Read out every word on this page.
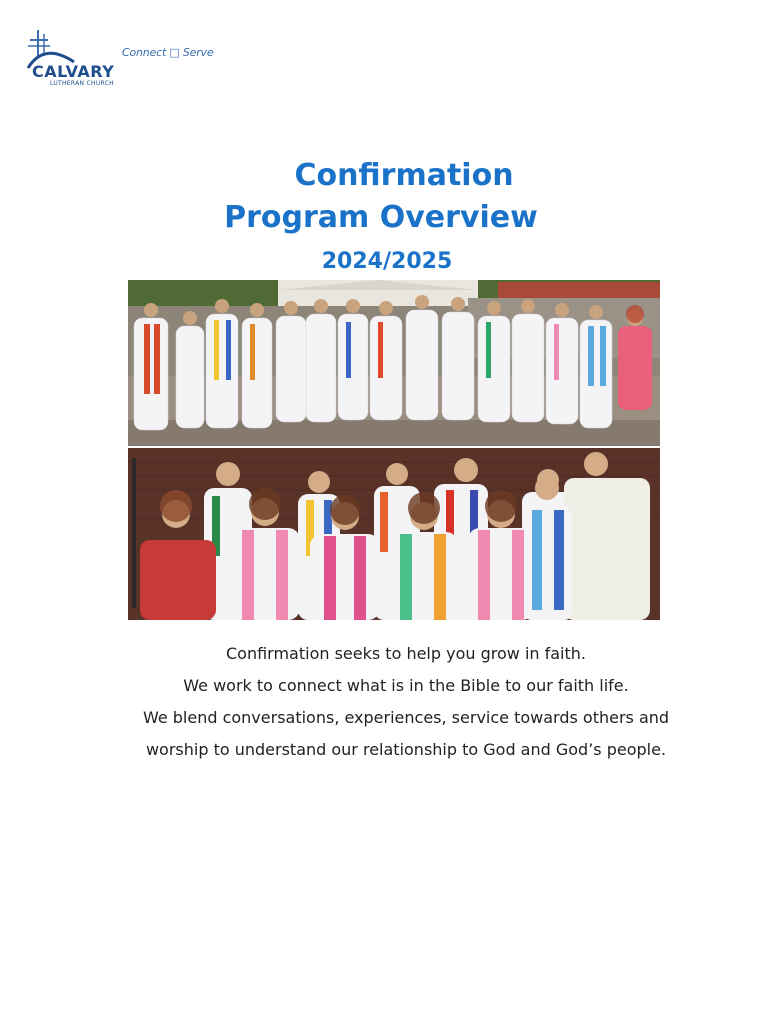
Connect □ Serve
CALVARY
LUTHERAN CHURCH
Confirmation
Program Overview
2024/2025
Confirmation seeks to help you grow in faith.
We work to connect what is in the Bible to our faith life.
We blend conversations, experiences, service towards others and
worship to understand our relationship to God and God’s people.
